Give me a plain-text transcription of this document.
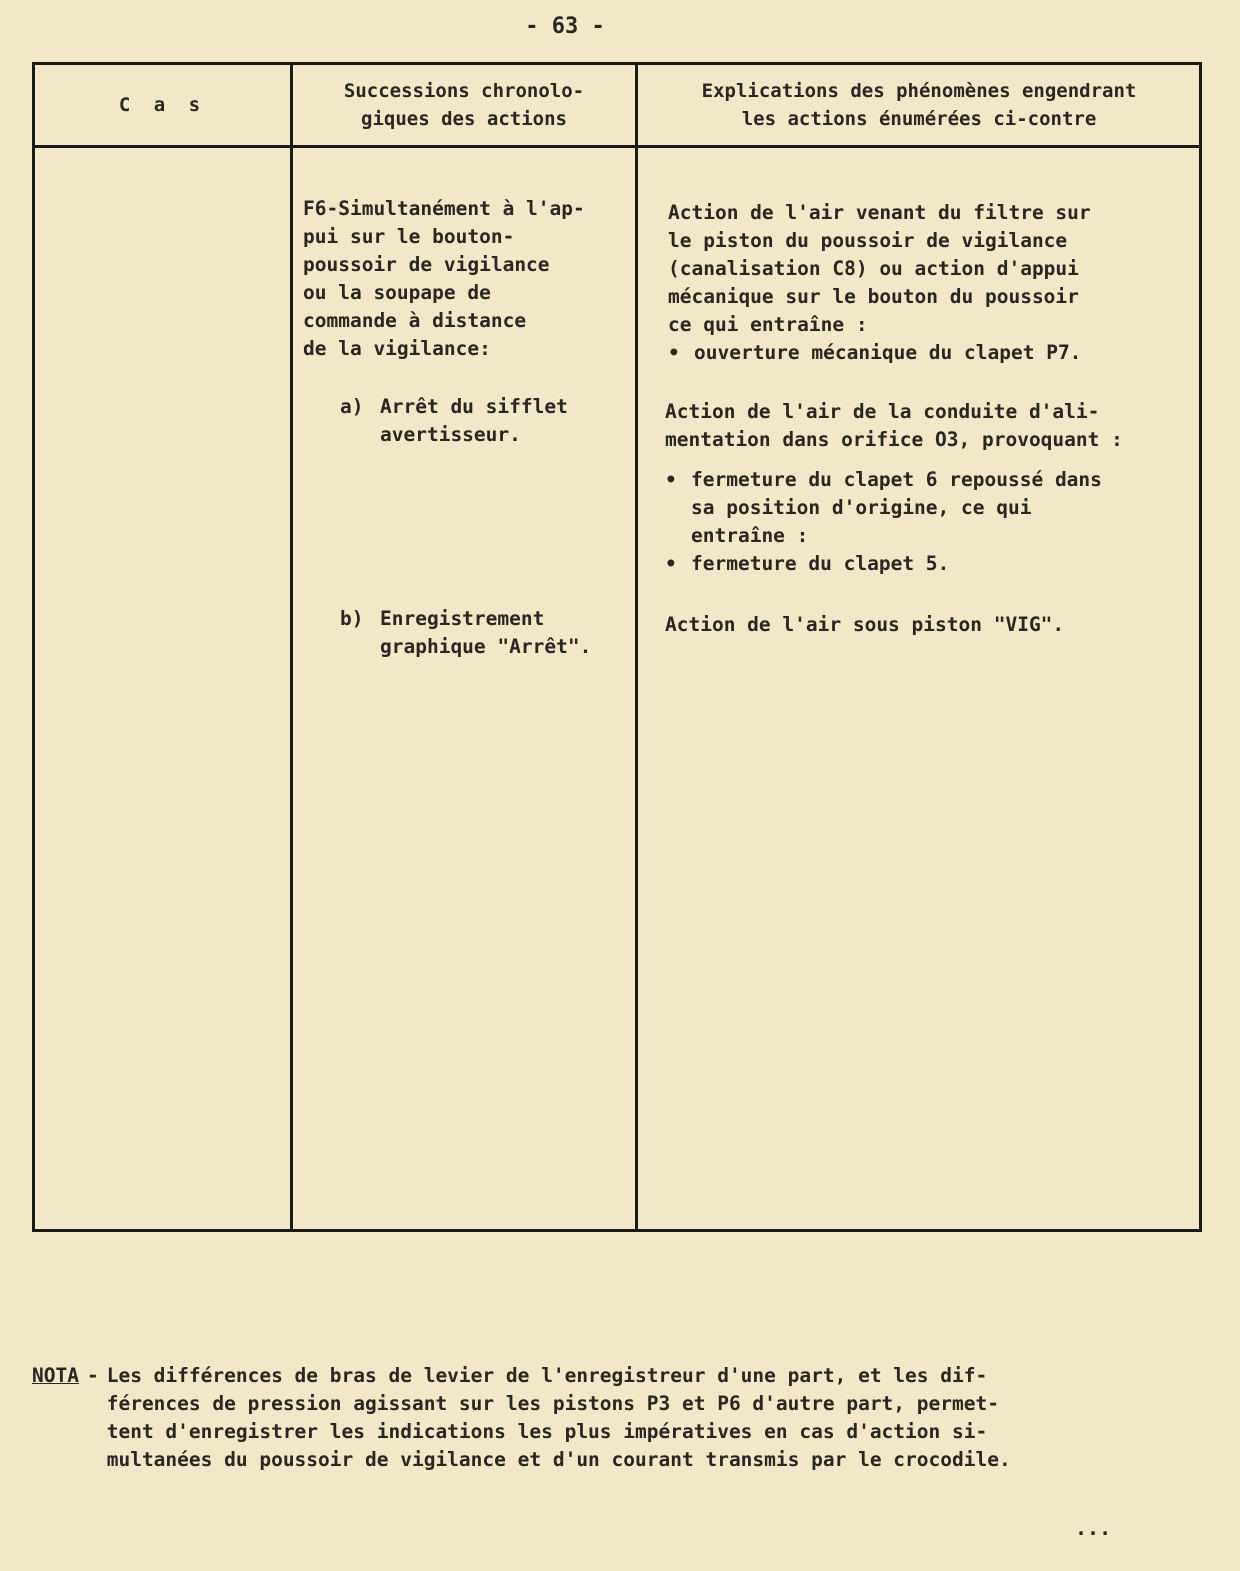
- 63 -
C a s
Successions chronolo-
giques des actions
Explications des phénomènes engendrant
les actions énumérées ci-contre

F6-Simultanément à l'ap-
pui sur le bouton-
poussoir de vigilance
ou la soupape de
commande à distance
de la vigilance:

a) Arrêt du sifflet
avertisseur.
b) Enregistrement
graphique "Arrêt".

Action de l'air venant du filtre sur
le piston du poussoir de vigilance
(canalisation C8) ou action d'appui
mécanique sur le bouton du poussoir
ce qui entraîne :

• ouverture mécanique du clapet P7.

Action de l'air de la conduite d'ali-
mentation dans orifice O3, provoquant :

• fermeture du clapet 6 repoussé dans
sa position d'origine, ce qui
entraîne :
• fermeture du clapet 5.

Action de l'air sous piston "VIG".

NOTA - Les différences de bras de levier de l'enregistreur d'une part, et les dif-
férences de pression agissant sur les pistons P3 et P6 d'autre part, permet-
tent d'enregistrer les indications les plus impératives en cas d'action si-
multanées du poussoir de vigilance et d'un courant transmis par le crocodile.
...
